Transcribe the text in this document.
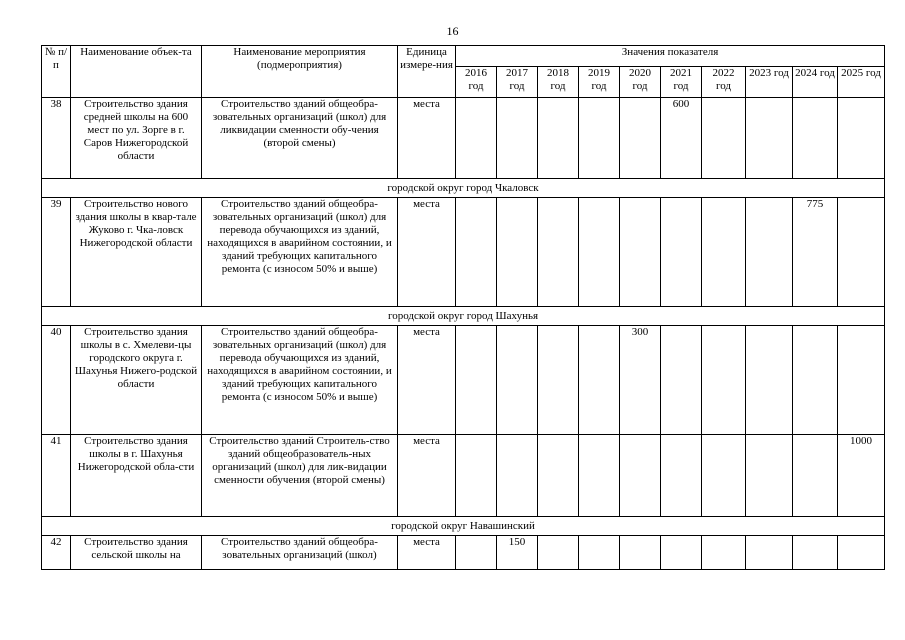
16
№ п/п	Наименование объек-та	Наименование мероприятия (подмероприятия)	Единица измере-ния	Значения показателя									
				2016 год	2017 год	2018 год	2019 год	2020 год	2021 год	2022 год	2023 год	2024 год	2025 год
38	Строительство здания средней школы на 600 мест по ул. Зорге в г. Саров Нижегородской области	Строительство зданий общеобра-зовательных организаций (школ) для ликвидации сменности обу-чения (второй смены)	места						600				
городской округ город Чкаловск													
39	Строительство нового здания школы в квар-тале Жуково г. Чка-ловск Нижегородской области	Строительство зданий общеобра-зовательных организаций (школ) для перевода обучающихся из зданий, находящихся в аварийном состоянии, и зданий требующих капитального ремонта (с износом 50% и выше)	места									775	
городской округ город Шахунья													
40	Строительство здания школы в с. Хмелеви-цы городского округа г. Шахунья Нижего-родской области	Строительство зданий общеобра-зовательных организаций (школ) для перевода обучающихся из зданий, находящихся в аварийном состоянии, и зданий требующих капитального ремонта (с износом 50% и выше)	места					300					
41	Строительство здания школы в г. Шахунья Нижегородской обла-сти	Строительство зданий Строитель-ство зданий общеобразователь-ных организаций (школ) для лик-видации сменности обучения (второй смены)	места										1000
городской округ Навашинский													
42	Строительство здания сельской школы на	Строительство зданий общеобра-зовательных организаций (школ)	места		150								
